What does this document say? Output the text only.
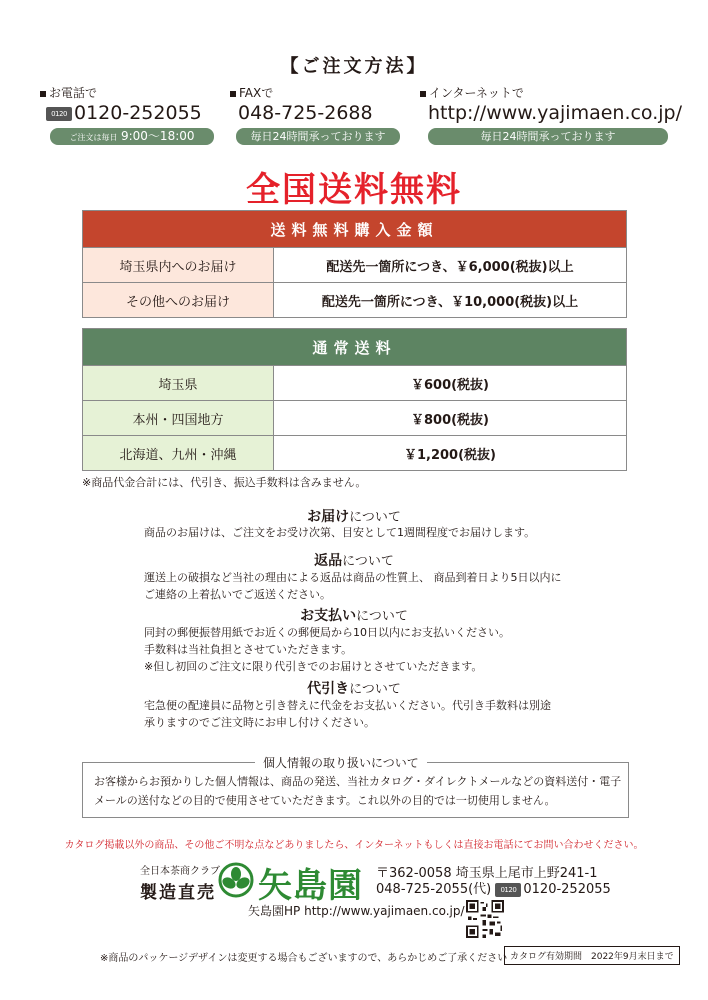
【ご注文方法】
お電話で	FAXで	インターネットで
0120 0120-252055 048-725-2688	http://www.yajimaen.co.jp/
ご注文は毎日 9:00〜18:00	毎日24時間承っております	毎日24時間承っております
全国送料無料
送料無料購入金額	
埼玉県内へのお届け	配送先一箇所につき、￥6,000(税抜)以上
その他へのお届け	配送先一箇所につき、￥10,000(税抜)以上
通常送料	
埼玉県	￥600(税抜)
本州・四国地方	￥800(税抜)
北海道、九州・沖縄	￥1,200(税抜)
※商品代金合計には、代引き、振込手数料は含みません。
お届けについて
商品のお届けは、ご注文をお受け次第、目安として1週間程度でお届けします。
返品について
運送上の破損など当社の理由による返品は商品の性質上、 商品到着日より5日以内に
ご連絡の上着払いでご返送ください。
お支払いについて
同封の郵便振替用紙でお近くの郵便局から10日以内にお支払いください。
手数料は当社負担とさせていただきます。
※但し初回のご注文に限り代引きでのお届けとさせていただきます。
代引きについて
宅急便の配達員に品物と引き替えに代金をお支払いください。代引き手数料は別途
承りますのでご注文時にお申し付けください。
個人情報の取り扱いについて
お客様からお預かりした個人情報は、商品の発送、当社カタログ・ダイレクトメールなどの資料送付・電子
メールの送付などの目的で使用させていただきます。これ以外の目的では一切使用しません。
カタログ掲載以外の商品、その他ご不明な点などありましたら、インターネットもしくは直接お電話にてお問い合わせください。
全日本茶商クラブ
製造直売 矢島園 〒362-0058 埼玉県上尾市上野241-1
048-725-2055(代) 0120 0120-252055
矢島園HP http://www.yajimaen.co.jp/
※商品のパッケージデザインは変更する場合もございますので、あらかじめご了承ください カタログ有効期間　2022年9月末日まで
